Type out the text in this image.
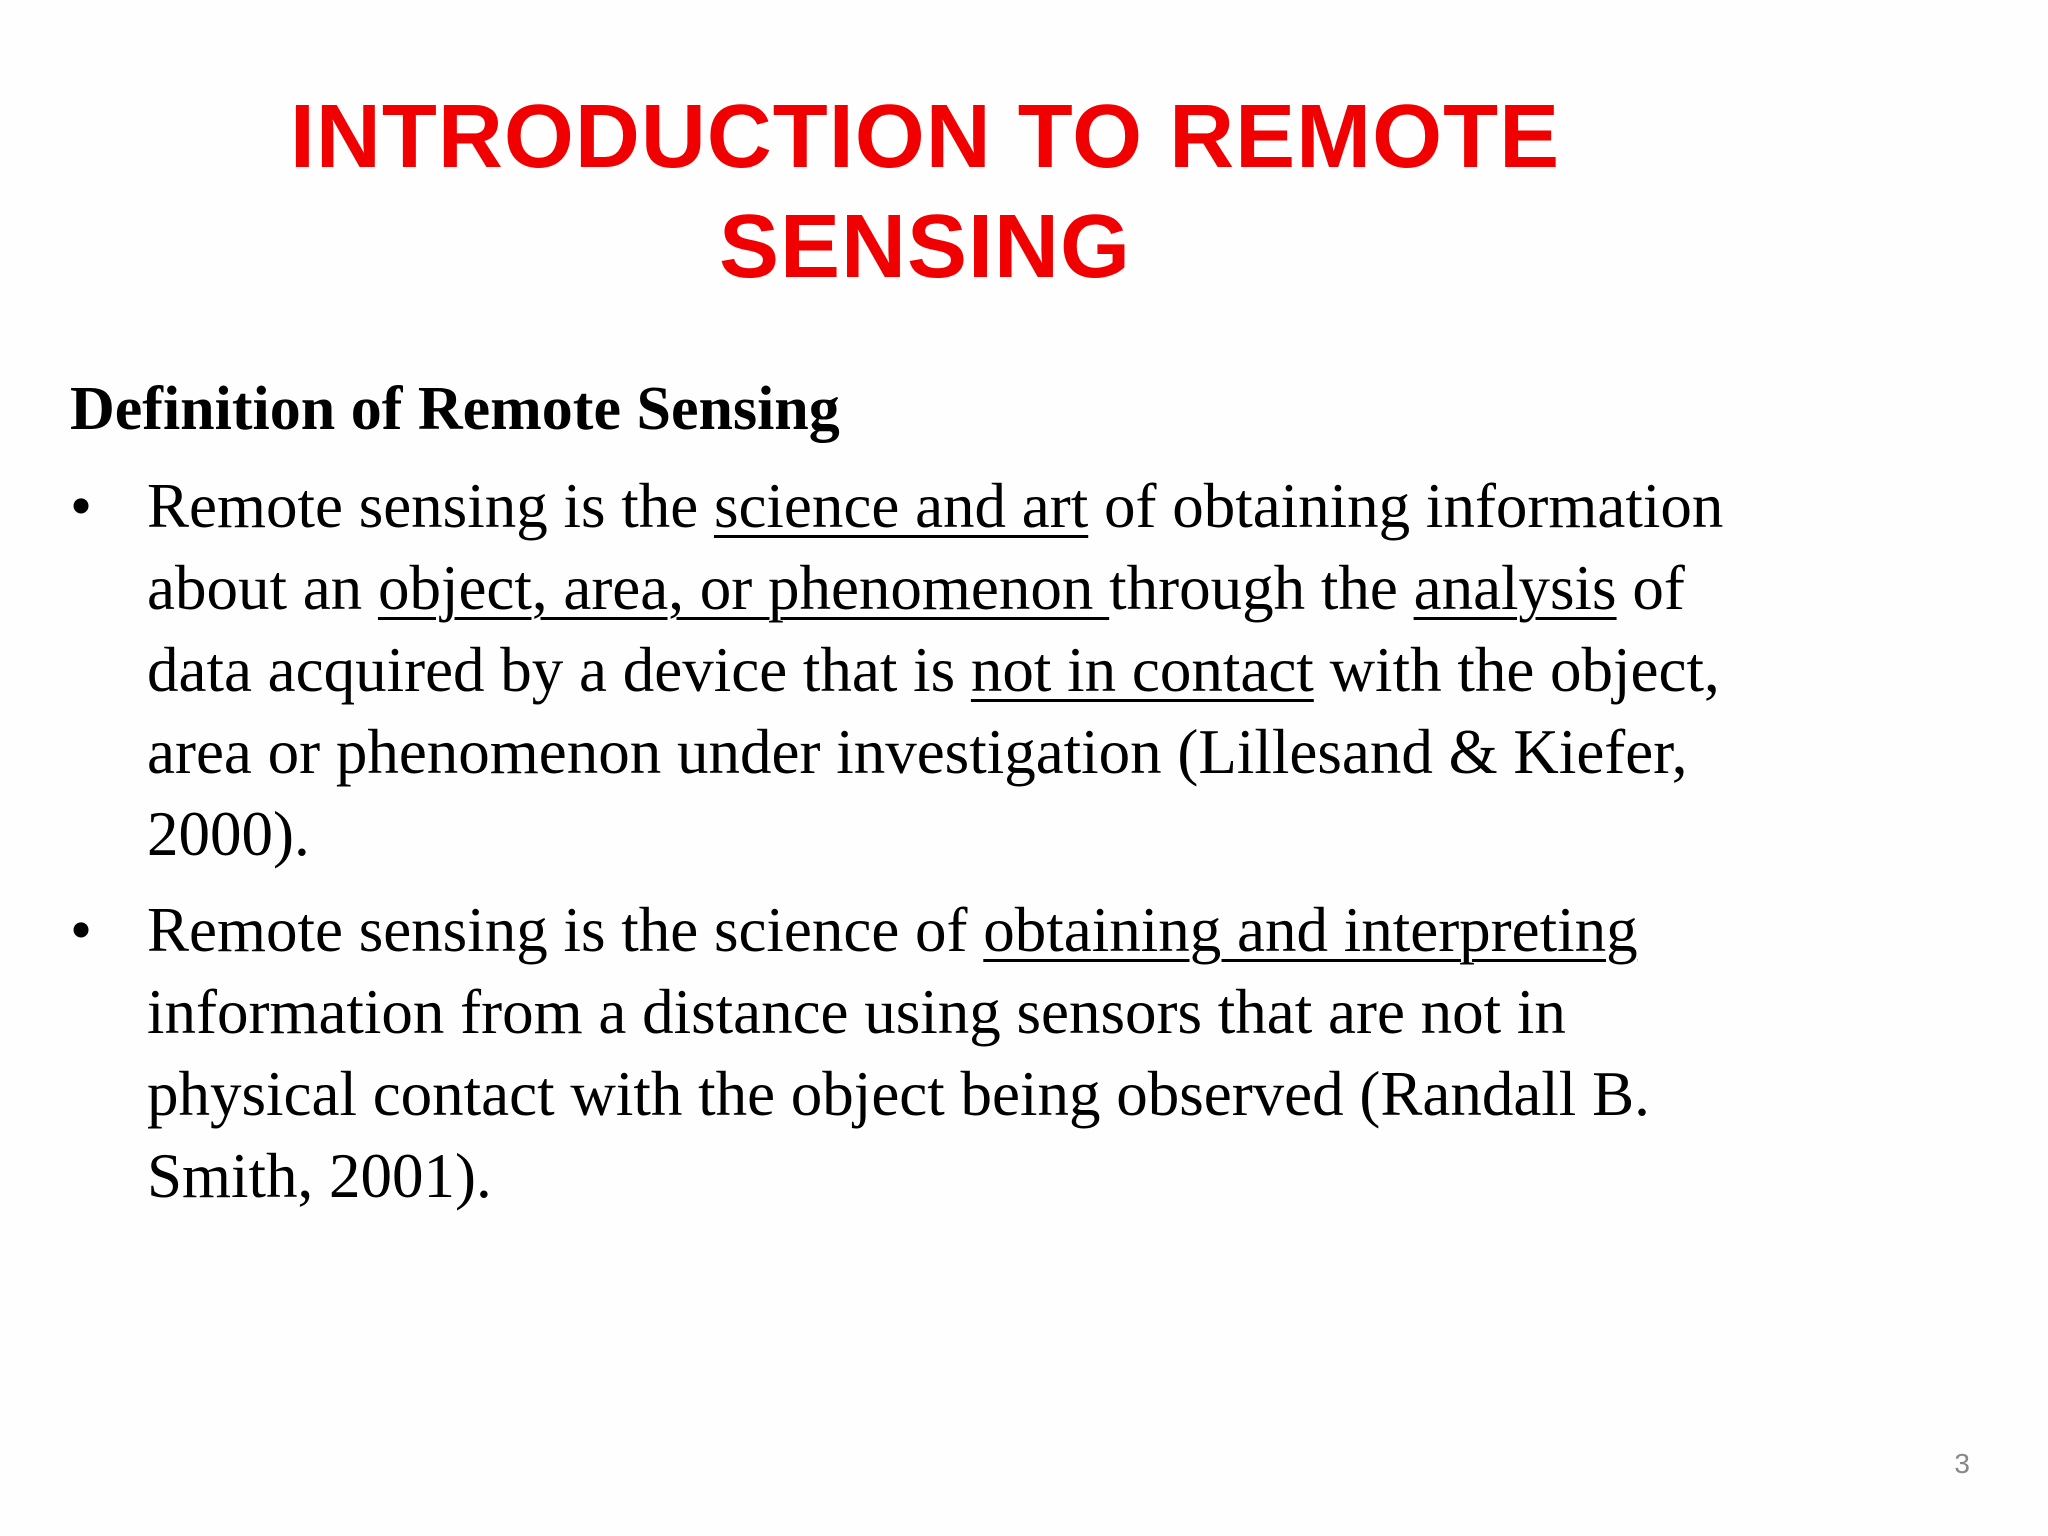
INTRODUCTION TO REMOTE
SENSING
Definition of Remote Sensing
• Remote sensing is the science and art of obtaining information
about an object, area, or phenomenon through the analysis of
data acquired by a device that is not in contact with the object,
area or phenomenon under investigation (Lillesand & Kiefer,
2000).
• Remote sensing is the science of obtaining and interpreting
information from a distance using sensors that are not in
physical contact with the object being observed (Randall B.
Smith, 2001).
3
